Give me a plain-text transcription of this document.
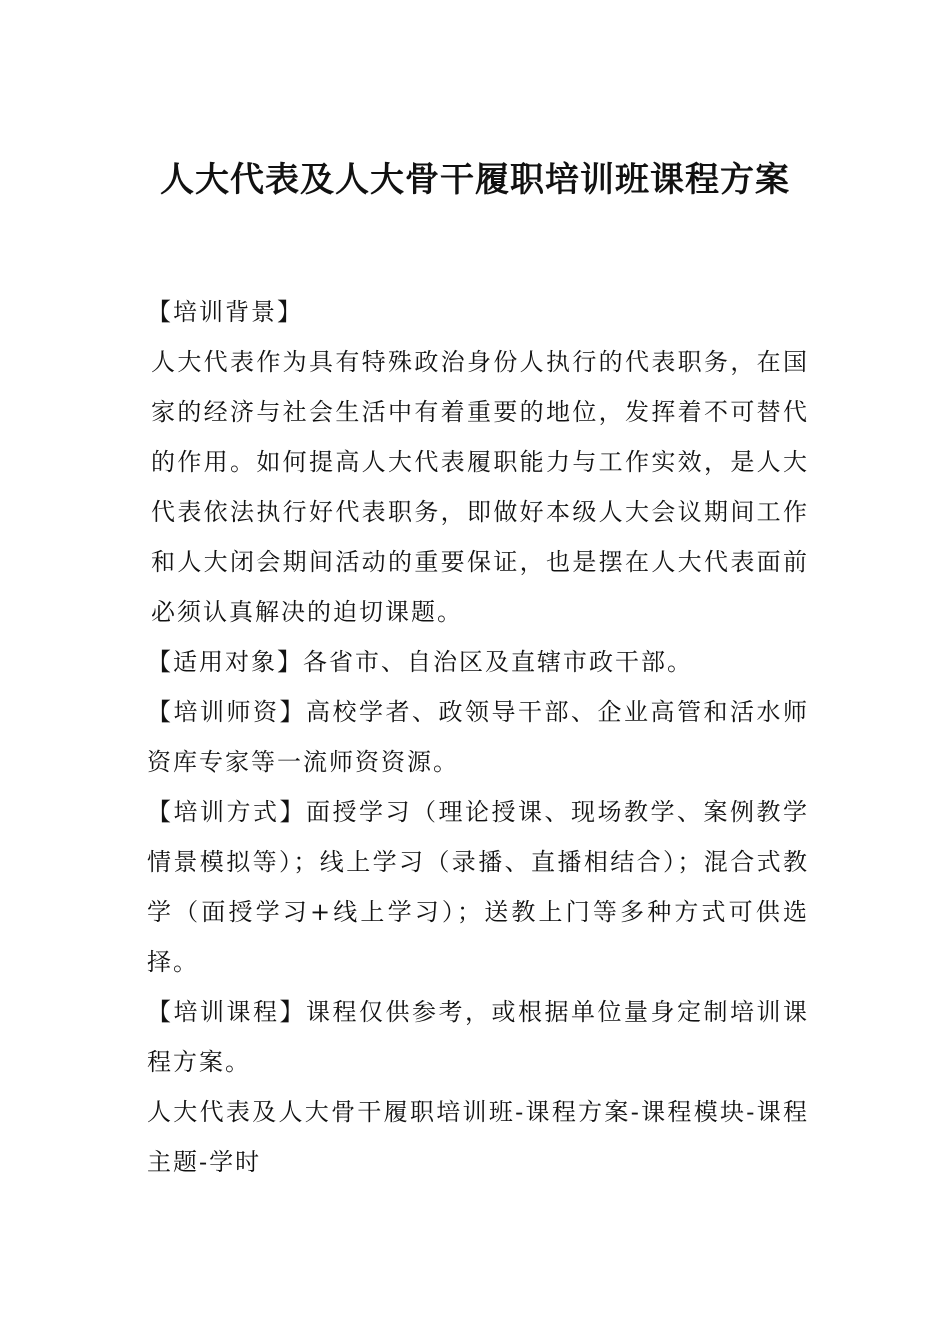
人大代表及人大骨干履职培训班课程方案

【培训背景】

人大代表作为具有特殊政治身份人执行的代表职务，在国家的经济与社会生活中有着重要的地位，发挥着不可替代的作用。如何提高人大代表履职能力与工作实效，是人大代表依法执行好代表职务，即做好本级人大会议期间工作和人大闭会期间活动的重要保证，也是摆在人大代表面前必须认真解决的迫切课题。

【适用对象】各省市、自治区及直辖市政干部。

【培训师资】高校学者、政领导干部、企业高管和活水师资库专家等一流师资资源。

【培训方式】面授学习（理论授课、现场教学、案例教学情景模拟等）；线上学习（录播、直播相结合）；混合式教学（面授学习+线上学习）；送教上门等多种方式可供选择。

【培训课程】课程仅供参考，或根据单位量身定制培训课程方案。

人大代表及人大骨干履职培训班-课程方案-课程模块-课程主题-学时
